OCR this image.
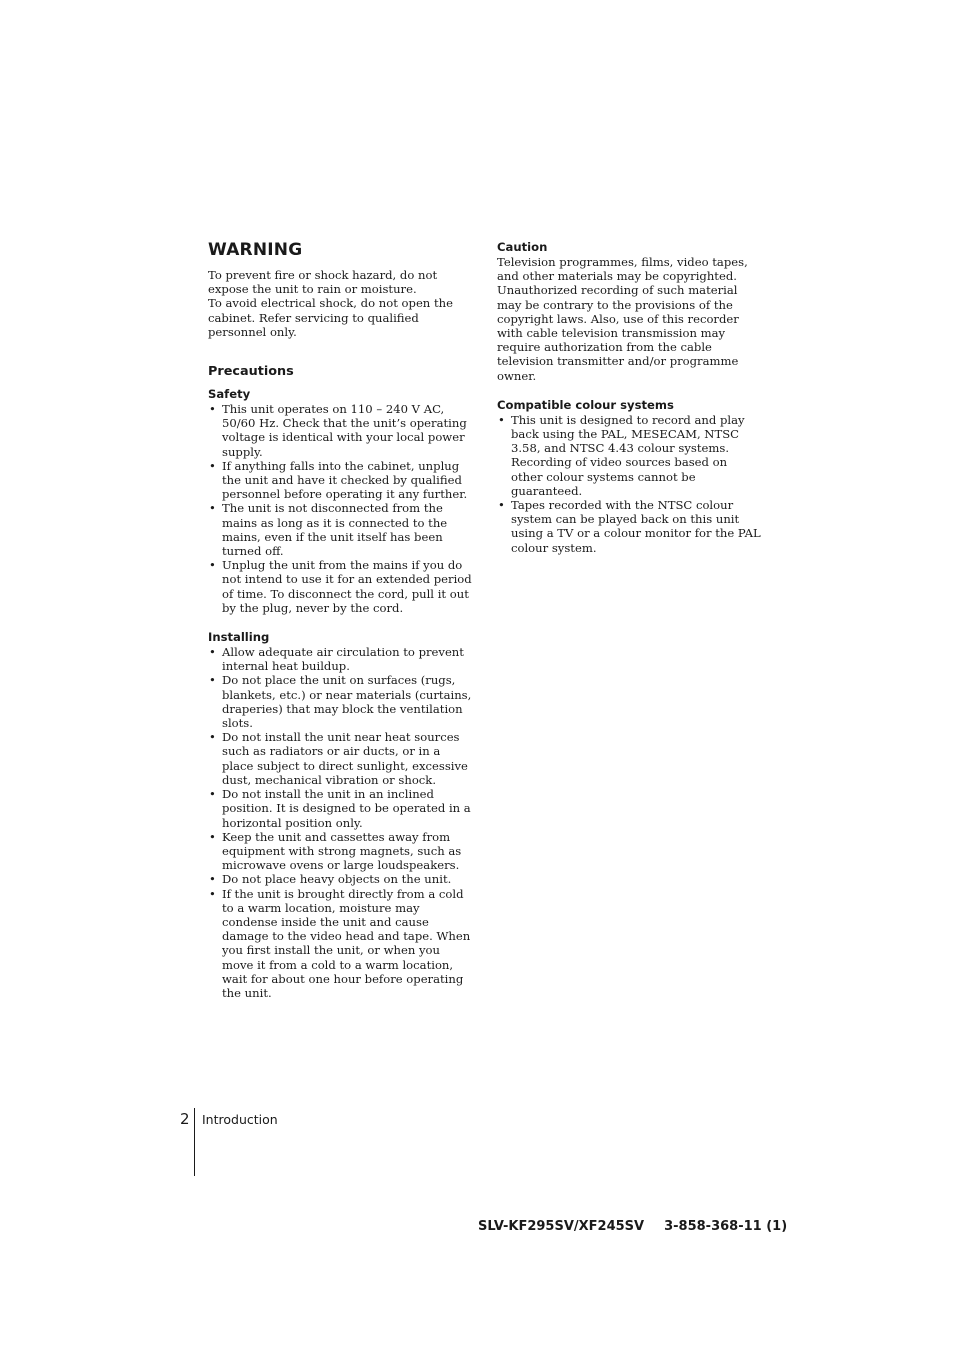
WARNING

To prevent fire or shock hazard, do not expose the unit to rain or moisture.

To avoid electrical shock, do not open the cabinet. Refer servicing to qualified personnel only.

Precautions
Safety
• This unit operates on 110 – 240 V AC, 50/60 Hz. Check that the unit’s operating voltage is identical with your local power supply.
• If anything falls into the cabinet, unplug the unit and have it checked by qualified personnel before operating it any further.
• The unit is not disconnected from the mains as long as it is connected to the mains, even if the unit itself has been turned off.
• Unplug the unit from the mains if you do not intend to use it for an extended period of time. To disconnect the cord, pull it out by the plug, never by the cord.
Installing
• Allow adequate air circulation to prevent internal heat buildup.
• Do not place the unit on surfaces (rugs, blankets, etc.) or near materials (curtains, draperies) that may block the ventilation slots.
• Do not install the unit near heat sources such as radiators or air ducts, or in a place subject to direct sunlight, excessive dust, mechanical vibration or shock.
• Do not install the unit in an inclined position. It is designed to be operated in a horizontal position only.
• Keep the unit and cassettes away from equipment with strong magnets, such as microwave ovens or large loudspeakers.
• Do not place heavy objects on the unit.
• If the unit is brought directly from a cold to a warm location, moisture may condense inside the unit and cause damage to the video head and tape. When you first install the unit, or when you move it from a cold to a warm location, wait for about one hour before operating the unit.
Caution

Television programmes, films, video tapes, and other materials may be copyrighted. Unauthorized recording of such material may be contrary to the provisions of the copyright laws. Also, use of this recorder with cable television transmission may require authorization from the cable television transmitter and/or programme owner.

Compatible colour systems
• This unit is designed to record and play back using the PAL, MESECAM, NTSC 3.58, and NTSC 4.43 colour systems. Recording of video sources based on other colour systems cannot be guaranteed.
• Tapes recorded with the NTSC colour system can be played back on this unit using a TV or a colour monitor for the PAL colour system.
2 Introduction
SLV-KF295SV/XF245SV 3-858-368-11 (1)
